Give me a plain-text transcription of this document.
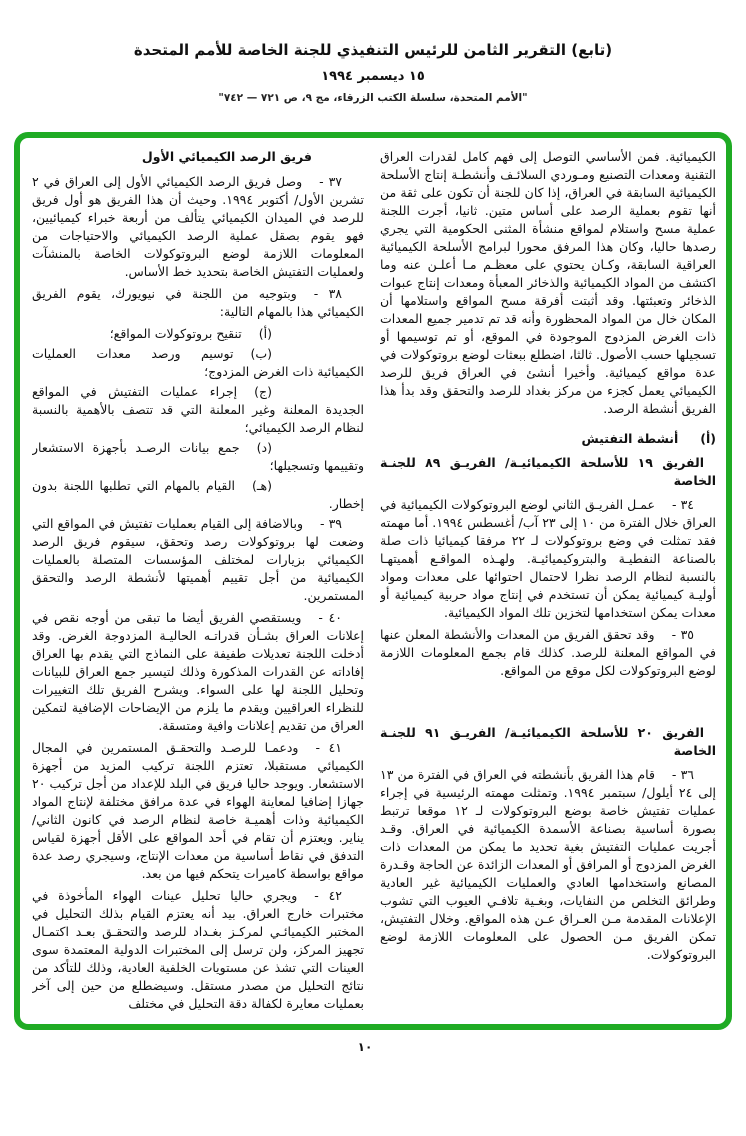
(تابع) التقرير الثامن للرئيس التنفيذي للجنة الخاصة للأمم المتحدة
١٥ ديسمبر ١٩٩٤
"الأمم المتحدة، سلسلة الكتب الزرقاء، مج ٩، ص ٧٢١ — ٧٤٢"

الكيميائية. فمن الأساسي التوصل إلى فهم كامل لقدرات العراق التقنية ومعدات التصنيع ومـوردي السلائـف وأنشطـة إنتاج الأسلحة الكيميائية السابقة في العراق، إذا كان للجنة أن تكون على ثقة من أنها تقوم بعملية الرصد على أساس متين. ثانيا، أجرت اللجنة عملية مسح واستلام لمواقع منشأة المثنى الحكومية التي يجري رصدها حاليا، وكان هذا المرفق محورا لبرامج الأسلحة الكيميائية العراقية السابقة، وكـان يحتوي على معظـم مـا أعلـن عنه وما اكتشف من المواد الكيميائية والذخائر المعبأة ومعدات إنتاج عبوات الذخائر وتعبئتها. وقد أثبتت أفرقة مسح المواقع واستلامها أن المكان خال من المواد المحظورة وأنه قد تم تدمير جميع المعدات ذات الغرض المزدوج الموجودة في الموقع، أو تم توسيمها أو تسجيلها حسب الأصول. ثالثا، اضطلع ببعثات لوضع بروتوكولات في عدة مواقع كيميائية. وأخيرا أنشئ في العراق فريق للرصد الكيميائي يعمل كجزء من مركز بغداد للرصد والتحقق وقد بدأ هذا الفريق أنشطة الرصد.

(أ)أنشطة التفتيش

الفريق ١٩ للأسلحة الكيميائيـة/ الفريـق ٨٩ للجنـة الخاصة

٣٤ -عمـل الفريـق الثاني لوضع البروتوكولات الكيميائية في العراق خلال الفترة من ١٠ إلى ٢٣ آب/ أغسطس ١٩٩٤. أما مهمته فقد تمثلت في وضع بروتوكولات لـ ٢٢ مرفقا كيميائيا ذات صلة بالصناعة النفطيـة والبتروكيميائيـة. ولهـذه المواقـع أهميتهـا بالنسبة لنظام الرصد نظرا لاحتمال احتوائها على معدات ومواد أوليـة كيميائية يمكن أن تستخدم في إنتاج مواد حربية كيميائية أو معدات يمكن استخدامها لتخزين تلك المواد الكيميائية.

٣٥ -وقد تحقق الفريق من المعدات والأنشطة المعلن عنها في المواقع المعلنة للرصد. كذلك قام بجمع المعلومات اللازمة لوضع البروتوكولات لكل موقع من المواقع.

الفريق ٢٠ للأسلحة الكيميائيـة/ الفريـق ٩١ للجنـة الخاصة

٣٦ -قام هذا الفريق بأنشطته في العراق في الفترة من ١٣ إلى ٢٤ أيلول/ سبتمبر ١٩٩٤. وتمثلت مهمته الرئيسية في إجراء عمليات تفتيش خاصة بوضع البروتوكولات لـ ١٢ موقعا ترتبط بصورة أساسية بصناعة الأسمدة الكيميائية في العراق. وقـد أجريت عمليات التفتيش بغية تحديد ما يمكن من المعدات ذات الغرض المزدوج أو المرافق أو المعدات الزائدة عن الحاجة وقـدرة المصانع واستخدامها العادي والعمليات الكيميائية غير العادية وطرائق التخلص من النفايات، وبغـية تلافـي العيوب التي تشوب الإعلانات المقدمة مـن العـراق عـن هذه المواقع. وخلال التفتيش، تمكن الفريق مـن الحصول على المعلومات اللازمة لوضع البروتوكولات.

فريق الرصد الكيميائي الأول

٣٧ -وصل فريق الرصد الكيميائي الأول إلى العراق في ٢ تشرين الأول/ أكتوبر ١٩٩٤. وحيث أن هذا الفريق هو أول فريق للرصد في الميدان الكيميائي يتألف من أربعة خبراء كيميائيين، فهو يقوم بصقل عملية الرصد الكيميائي والاحتياجات من المعلومات اللازمة لوضع البروتوكولات الخاصة بالمنشآت ولعمليات التفتيش الخاصة بتحديد خط الأساس.

٣٨ -وبتوجيه من اللجنة في نيويورك، يقوم الفريق الكيميائي هذا بالمهام التالية:

(أ)تنقيح بروتوكولات المواقع؛

(ب)توسيم ورصد معدات العمليات الكيميائية ذات الغرض المزدوج؛

(ج)إجراء عمليات التفتيش في المواقع الجديدة المعلنة وغير المعلنة التي قد تتصف بالأهمية بالنسبة لنظام الرصد الكيميائي؛

(د)جمع بيانات الرصـد بأجهزة الاستشعار وتقييمها وتسجيلها؛

(هـ)القيام بالمهام التي تطلبها اللجنة بدون إخطار.

٣٩ -وبالاضافة إلى القيام بعمليات تفتيش في المواقع التي وضعت لها بروتوكولات رصد وتحقق، سيقوم فريق الرصد الكيميائي بزيارات لمختلف المؤسسات المتصلة بالعمليات الكيميائية من أجل تقييم أهميتها لأنشطة الرصد والتحقق المستمرين.

٤٠ -ويستقصي الفريق أيضا ما تبقى من أوجه نقص في إعلانات العراق بشـأن قدراتـه الحاليـة المزدوجة الغرض. وقد أدخلت اللجنة تعديلات طفيفة على النماذج التي يقدم بها العراق إفاداته عن القدرات المذكورة وذلك لتيسير جمع العراق للبيانات وتحليل اللجنة لها على السواء. ويشرح الفريق تلك التغييرات للنظراء العراقيين ويقدم ما يلزم من الإيضاحات الإضافية لتمكين العراق من تقديم إعلانات وافية ومتسقة.

٤١ -ودعمـا للرصـد والتحقـق المستمرين في المجال الكيميائي مستقبلا، تعتزم اللجنة تركيب المزيد من أجهزة الاستشعار. ويوجد حاليا فريق في البلد للإعداد من أجل تركيب ٢٠ جهازا إضافيا لمعاينة الهواء في عدة مرافق مختلفة لإنتاج المواد الكيميائية وذات أهميـة خاصة لنظام الرصد في كانون الثاني/ يناير. ويعتزم أن تقام في أحد المواقع على الأقل أجهزة لقياس التدفق في نقاط أساسية من معدات الإنتاج، وسيجري رصد عدة مواقع بواسطة كاميرات يتحكم فيها من بعد.

٤٢ -ويجري حاليا تحليل عينات الهواء المأخوذة في مختبرات خارج العراق. بيد أنه يعتزم القيام بذلك التحليل في المختبر الكيميائـي لمركـز بغـداد للرصد والتحقـق بعـد اكتمـال تجهيز المركز، ولن ترسل إلى المختبرات الدولية المعتمدة سوى العينات التي تشذ عن مستويات الخلفية العادية، وذلك للتأكد من نتائج التحليل من مصدر مستقل. وسيضطلع من حين إلى آخر بعمليات معايرة لكفالة دقة التحليل في مختلف

١٠
